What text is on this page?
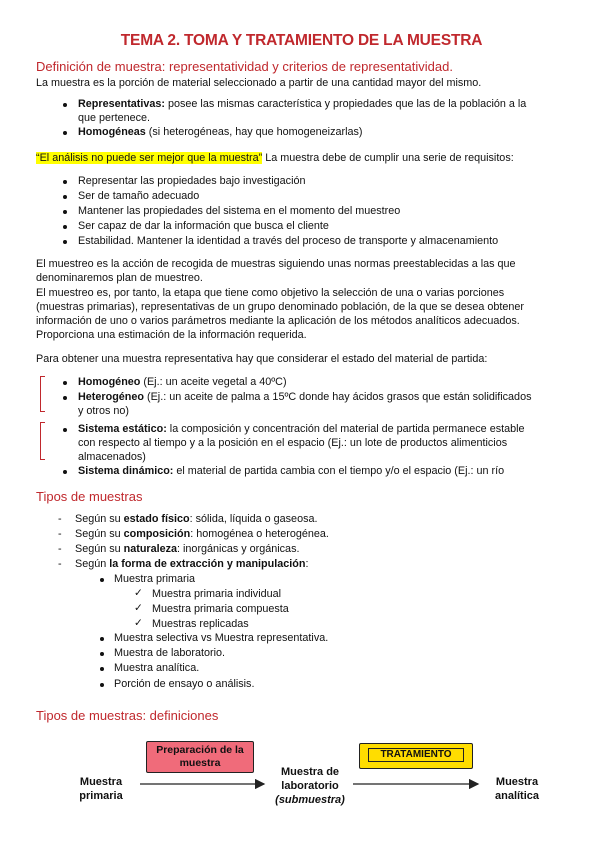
TEMA 2. TOMA Y TRATAMIENTO DE LA MUESTRA
Definición de muestra: representatividad y criterios de representatividad.
La muestra es la porción de material seleccionado a partir de una cantidad mayor del mismo.
Representativas: posee las mismas característica y propiedades que las de la población a la
que pertenece.
Homogéneas (si heterogéneas, hay que homogeneizarlas)
“El análisis no puede ser mejor que la muestra” La muestra debe de cumplir una serie de requisitos:
Representar las propiedades bajo investigación
Ser de tamaño adecuado
Mantener las propiedades del sistema en el momento del muestreo
Ser capaz de dar la información que busca el cliente
Estabilidad. Mantener la identidad a través del proceso de transporte y almacenamiento
El muestreo es la acción de recogida de muestras siguiendo unas normas preestablecidas a las que
denominaremos plan de muestreo.
El muestreo es, por tanto, la etapa que tiene como objetivo la selección de una o varias porciones
(muestras primarias), representativas de un grupo denominado población, de la que se desea obtener
información de uno o varios parámetros mediante la aplicación de los métodos analíticos adecuados.
Proporciona una estimación de la información requerida.
Para obtener una muestra representativa hay que considerar el estado del material de partida:
Homogéneo (Ej.: un aceite vegetal a 40ºC)
Heterogéneo (Ej.: un aceite de palma a 15ºC donde hay ácidos grasos que están solidificados
y otros no)
Sistema estático: la composición y concentración del material de partida permanece estable
con respecto al tiempo y a la posición en el espacio (Ej.: un lote de productos alimenticios
almacenados)
Sistema dinámico: el material de partida cambia con el tiempo y/o el espacio (Ej.: un río
Tipos de muestras
- Según su estado físico: sólida, líquida o gaseosa.
- Según su composición: homogénea o heterogénea.
- Según su naturaleza: inorgánicas y orgánicas.
- Según la forma de extracción y manipulación:
Muestra primaria
✓ Muestra primaria individual
✓ Muestra primaria compuesta
✓ Muestras replicadas
Muestra selectiva vs Muestra representativa.
Muestra de laboratorio.
Muestra analítica.
Porción de ensayo o análisis.
Tipos de muestras: definiciones
Preparación de la
muestra
TRATAMIENTO
Muestra
primaria
Muestra de
laboratorio
(submuestra)
Muestra
analítica
